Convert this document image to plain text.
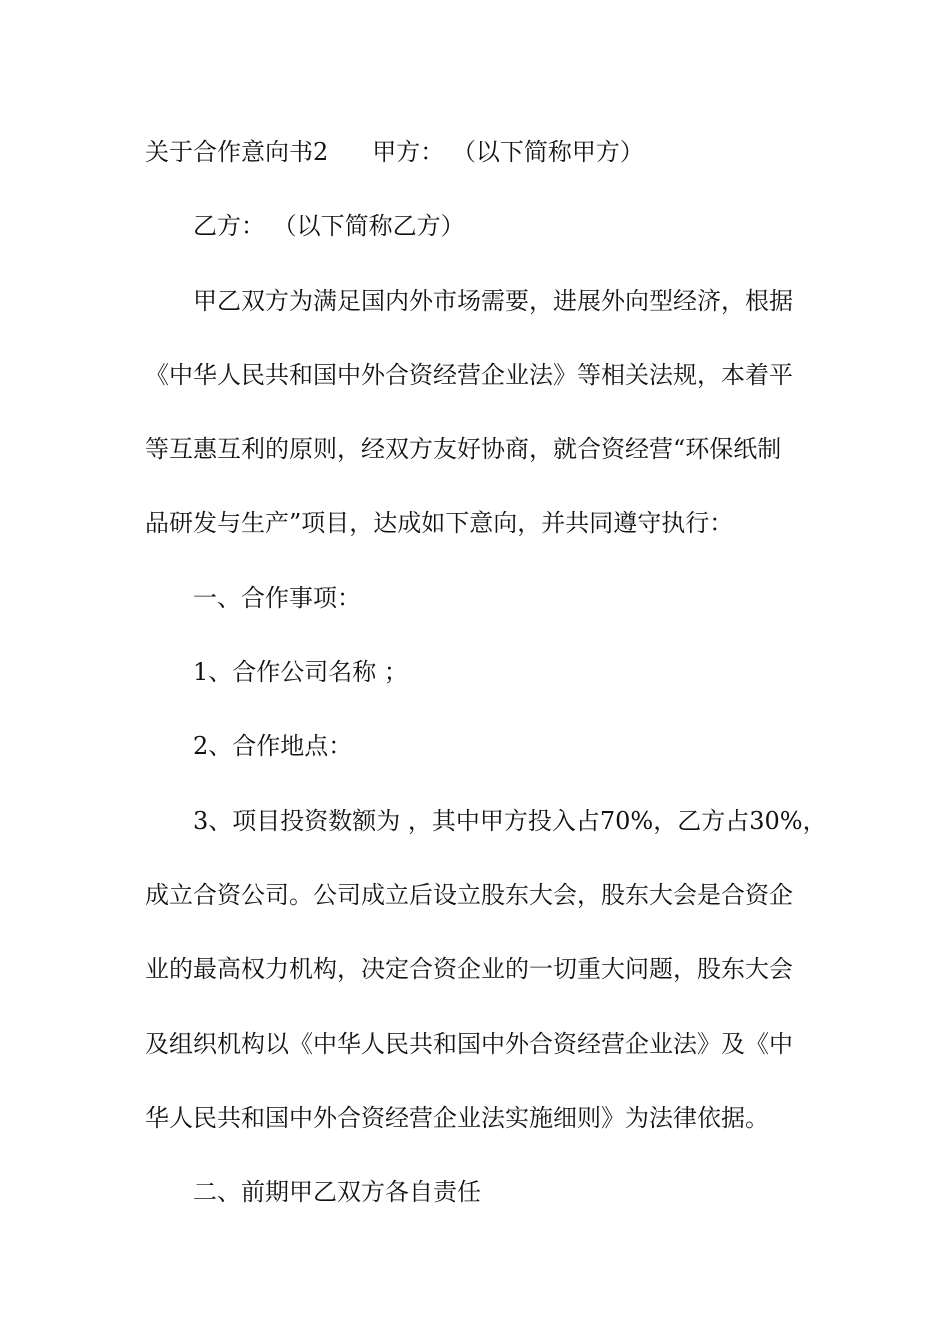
关于合作意向书2 甲方： （以下简称甲方）
乙方： （以下简称乙方）
甲乙双方为满足国内外市场需要，进展外向型经济，根据
《中华人民共和国中外合资经营企业法》等相关法规，本着平
等互惠互利的原则，经双方友好协商，就合资经营“环保纸制
品研发与生产”项目，达成如下意向，并共同遵守执行：
一、合作事项：
1、合作公司名称 ；
2、合作地点：
3、项目投资数额为 ，其中甲方投入占70%，乙方占30%，
成立合资公司。公司成立后设立股东大会，股东大会是合资企
业的最高权力机构，决定合资企业的一切重大问题，股东大会
及组织机构以《中华人民共和国中外合资经营企业法》及《中
华人民共和国中外合资经营企业法实施细则》为法律依据。
二、前期甲乙双方各自责任
